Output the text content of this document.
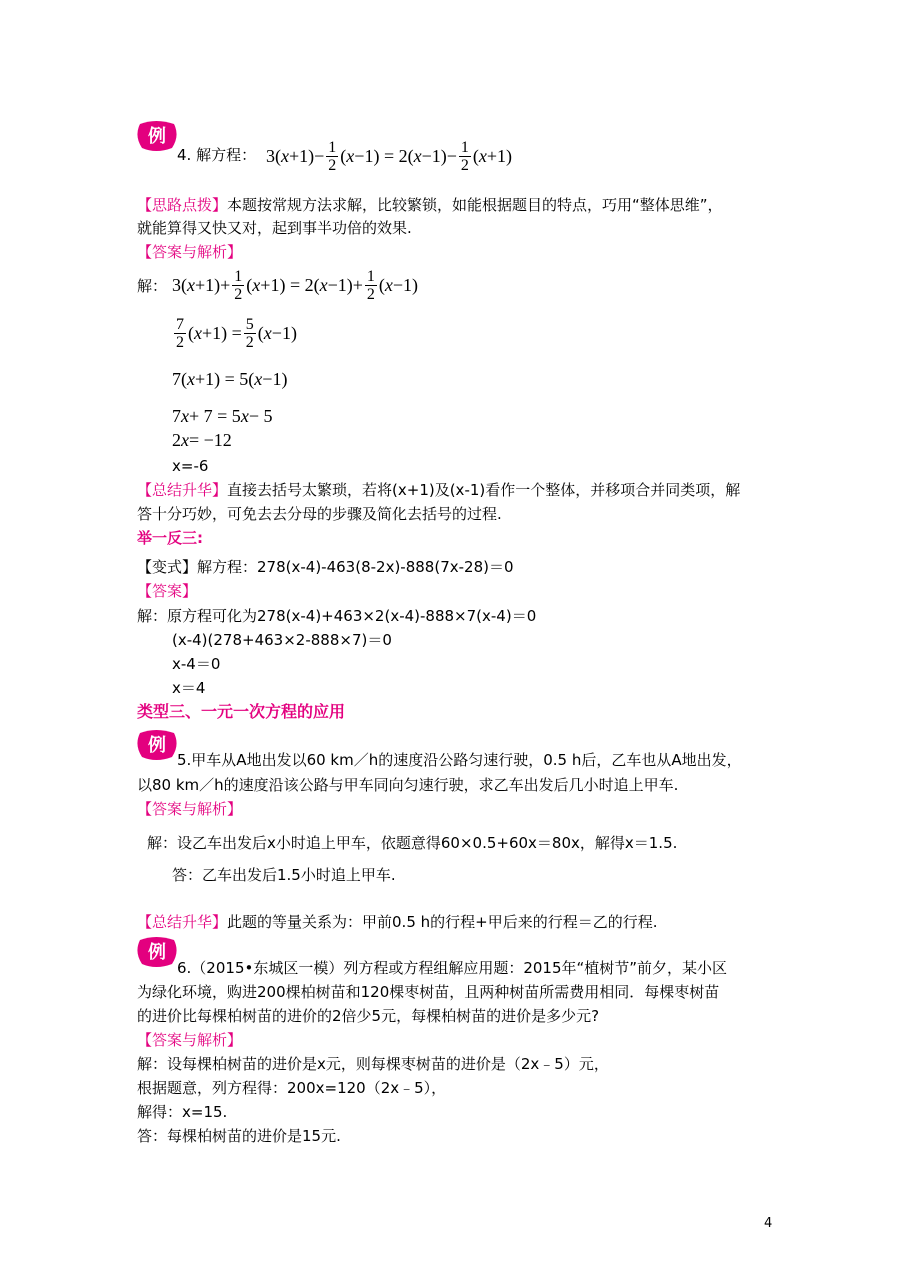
例
4. 解方程： 3( $x +1)- \frac{1}{2}$ ( x −1) = 2( $x -1)- \frac{1}{2}$ ( x +1)
【思路点拨】本题按常规方法求解，比较繁锁，如能根据题目的特点，巧用“整体思维”，
就能算得又快又对，起到事半功倍的效果.
【答案与解析】
解： 3( $x +1)+ \frac{1}{2}$ ( x +1) = 2( $x -1)+ \frac{1}{2}$ ( x −1)
$\frac{7}{2}$ ( $x +1) = \frac{5}{2}$ ( x −1)
7( x +1) = 5( x −1)
7 x + 7 = 5 x − 5
2 x = −12
x=-6
【总结升华】直接去括号太繁琐，若将(x+1)及(x-1)看作一个整体，并移项合并同类项，解
答十分巧妙，可免去去分母的步骤及简化去括号的过程.
举一反三:
【变式】解方程：278(x-4)-463(8-2x)-888(7x-28)＝0
【答案】
解：原方程可化为278(x-4)+463×2(x-4)-888×7(x-4)＝0
(x-4)(278+463×2-888×7)＝0
x-4＝0
x＝4
类型三、一元一次方程的应用
例
5.甲车从A地出发以60 km／h的速度沿公路匀速行驶，0.5 h后，乙车也从A地出发，
以80 km／h的速度沿该公路与甲车同向匀速行驶，求乙车出发后几小时追上甲车.
【答案与解析】
解：设乙车出发后x小时追上甲车，依题意得60×0.5+60x＝80x，解得x＝1.5.
答：乙车出发后1.5小时追上甲车.
【总结升华】此题的等量关系为：甲前0.5 h的行程+甲后来的行程＝乙的行程.
例
6.（2015•东城区一模）列方程或方程组解应用题：2015年“植树节”前夕，某小区
为绿化环境，购进200棵柏树苗和120棵枣树苗，且两种树苗所需费用相同．每棵枣树苗
的进价比每棵柏树苗的进价的2倍少5元，每棵柏树苗的进价是多少元?
【答案与解析】
解：设每棵柏树苗的进价是x元，则每棵枣树苗的进价是（2x﹣5）元，
根据题意，列方程得：200x=120（2x﹣5），
解得：x=15.
答：每棵柏树苗的进价是15元.
4
